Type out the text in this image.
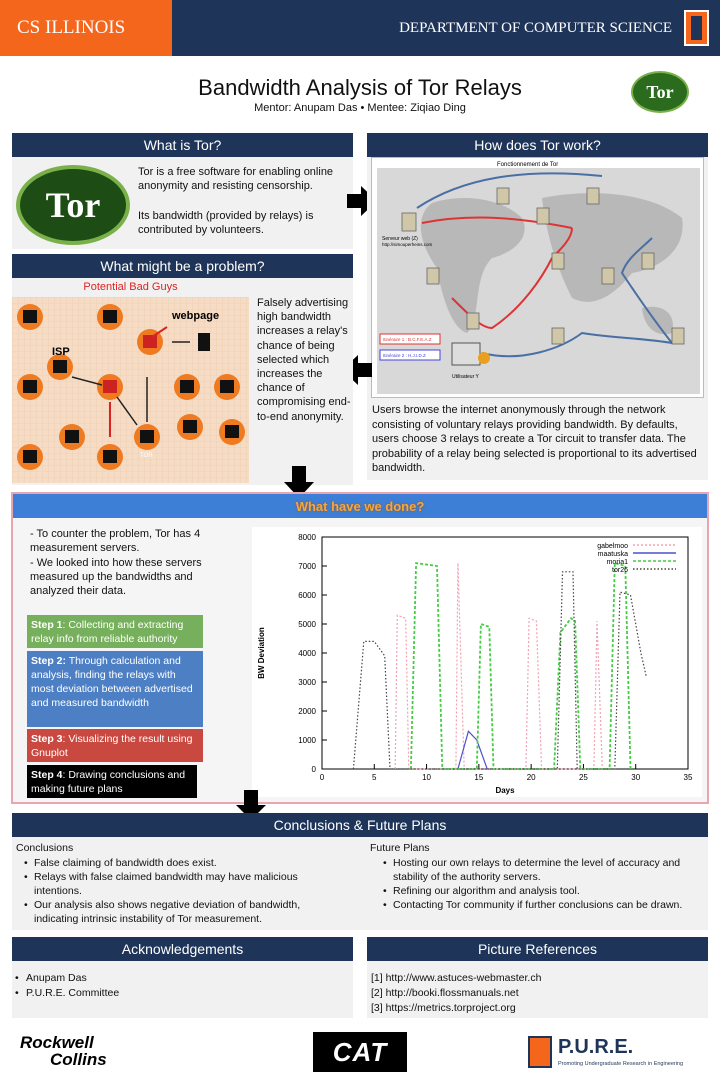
CS ILLINOIS	DEPARTMENT OF COMPUTER SCIENCE
Bandwidth Analysis of Tor Relays
Mentor: Anupam Das • Mentee: Ziqiao Ding
Tor
What is Tor?
Tor
Tor is a free software for enabling online anonymity and resisting censorship.
Its bandwidth (provided by relays) is contributed by volunteers.
How does Tor work?
Fonctionnement de Tor
Serveur web (Z)
http://simouperheins.com
Itinéraire 1 : B.C.F.E.A.Z
Itinéraire 2 : H.J.I.D.Z
Utilisateur Y
Users browse the internet anonymously through the network consisting of voluntary relays providing bandwidth. By defaults, users choose 3 relays to create a Tor circuit to transfer data. The probability of a relay being selected is proportional to its advertised bandwidth.
What might be a problem?
Potential Bad Guys
ISP
webpage
TOR
Falsely advertising high bandwidth increases a relay's chance of being selected which increases the chance of compromising end-to-end anonymity.
What have we done?
- To counter the problem, Tor has 4 measurement servers.
- We looked into how these servers measured up the bandwidths and analyzed their data.
Step 1: Collecting and extracting relay info from reliable authority
Step 2: Through calculation and analysis, finding the relays with most deviation between advertised and measured bandwidth
Step 3: Visualizing the result using Gnuplot
Step 4: Drawing conclusions and making future plans
0
1000
2000
3000
4000
5000
6000
7000
8000
0	5	10	15	20	25	30	35
Days
BW Deviation
gabelmoo
maatuska
moria1
tor26
Conclusions & Future Plans
Conclusions
• False claiming of bandwidth does exist.
• Relays with false claimed bandwidth may have malicious intentions.
• Our analysis also shows negative deviation of bandwidth, indicating intrinsic instability of Tor measurement.
Future Plans
• Hosting our own relays to determine the level of accuracy and stability of the authority servers.
• Refining our algorithm and analysis tool.
• Contacting Tor community if further conclusions can be drawn.
Acknowledgements
Anupam Das
P.U.R.E. Committee
•
•
Picture References
[1] http://www.astuces-webmaster.ch
[2] http://booki.flossmanuals.net
[3] https://metrics.torproject.org
Rockwell
Collins	CAT	P.U.R.E.
Promoting Undergraduate Research in Engineering
